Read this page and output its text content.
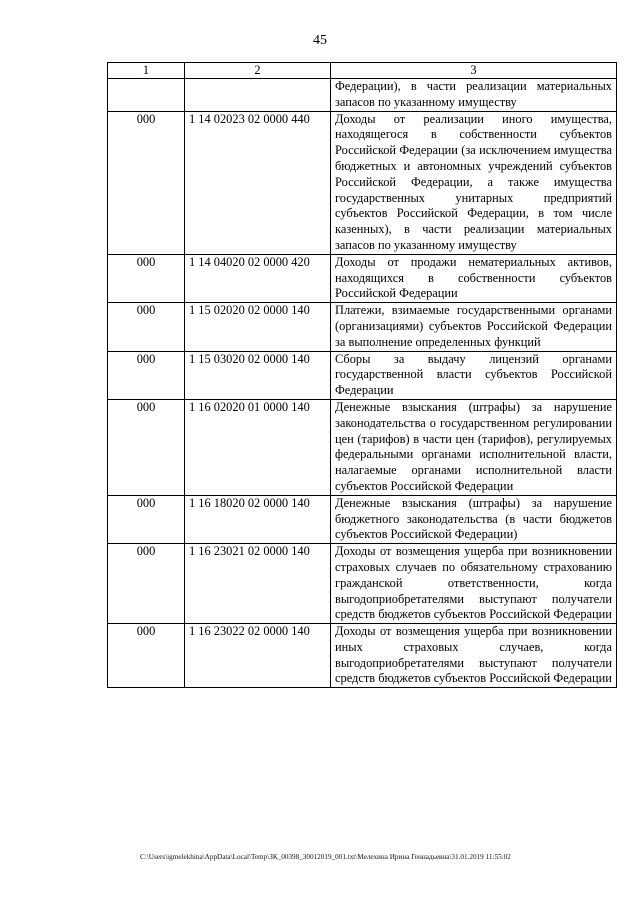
45
1	2	3
		Федерации), в части реализации материальных запасов по указанному имуществу
000	1 14 02023 02 0000 440	Доходы от реализации иного имущества, находящегося в собственности субъектов Российской Федерации (за исключением имущества бюджетных и автономных учреждений субъектов Российской Федерации, а также имущества государственных унитарных предприятий субъектов Российской Федерации, в том числе казенных), в части реализации материальных запасов по указанному имуществу
000	1 14 04020 02 0000 420	Доходы от продажи нематериальных активов, находящихся в собственности субъектов Российской Федерации
000	1 15 02020 02 0000 140	Платежи, взимаемые государственными органами (организациями) субъектов Российской Федерации за выполнение определенных функций
000	1 15 03020 02 0000 140	Сборы за выдачу лицензий органами государственной власти субъектов Российской Федерации
000	1 16 02020 01 0000 140	Денежные взыскания (штрафы) за нарушение законодательства о государственном регулировании цен (тарифов) в части цен (тарифов), регулируемых федеральными органами исполнительной власти, налагаемые органами исполнительной власти субъектов Российской Федерации
000	1 16 18020 02 0000 140	Денежные взыскания (штрафы) за нарушение бюджетного законодательства (в части бюджетов субъектов Российской Федерации)
000	1 16 23021 02 0000 140	Доходы от возмещения ущерба при возникновении страховых случаев по обязательному страхованию гражданской ответственности, когда выгодоприобретателями выступают получатели средств бюджетов субъектов Российской Федерации
000	1 16 23022 02 0000 140	Доходы от возмещения ущерба при возникновении иных страховых случаев, когда выгодоприобретателями выступают получатели средств бюджетов субъектов Российской Федерации
C:\Users\igmelekhina\AppData\Local\Temp\ЗК_00398_30012019_001.txt\Мелехина Ирина Геннадьевна\31.01.2019 11:55:02
